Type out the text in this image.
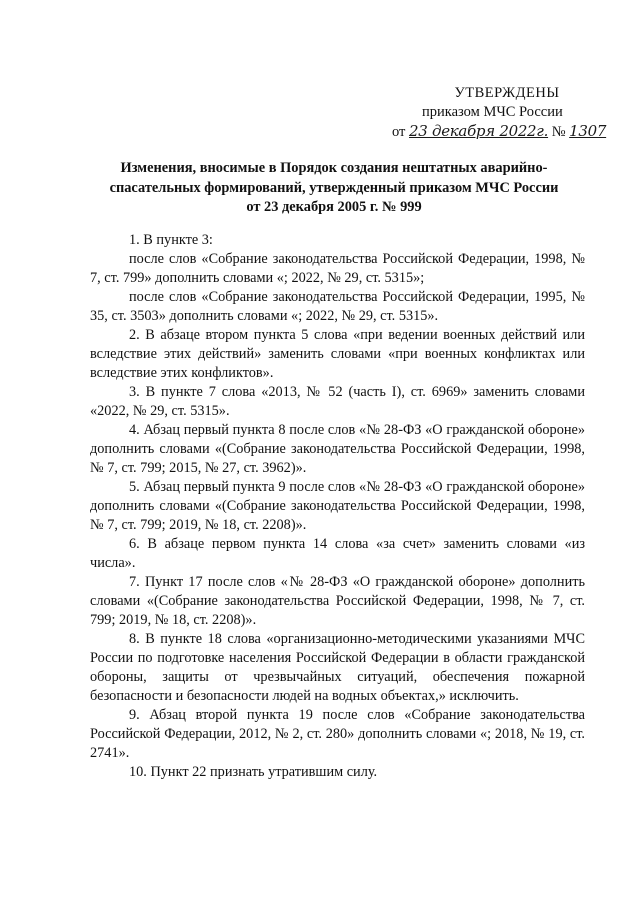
УТВЕРЖДЕНЫ
приказом МЧС России
от 23 декабря 2022г. № 1307
Изменения, вносимые в Порядок создания нештатных аварийно-
спасательных формирований, утвержденный приказом МЧС России
от 23 декабря 2005 г. № 999

1. В пункте 3:

после слов «Собрание законодательства Российской Федерации, 1998, № 7, ст. 799» дополнить словами «; 2022, № 29, ст. 5315»;

после слов «Собрание законодательства Российской Федерации, 1995, № 35, ст. 3503» дополнить словами «; 2022, № 29, ст. 5315».

2. В абзаце втором пункта 5 слова «при ведении военных действий или вследствие этих действий» заменить словами «при военных конфликтах или вследствие этих конфликтов».

3. В пункте 7 слова «2013, № 52 (часть I), ст. 6969» заменить словами «2022, № 29, ст. 5315».

4. Абзац первый пункта 8 после слов «№ 28-ФЗ «О гражданской обороне» дополнить словами «(Собрание законодательства Российской Федерации, 1998, № 7, ст. 799; 2015, № 27, ст. 3962)».

5. Абзац первый пункта 9 после слов «№ 28-ФЗ «О гражданской обороне» дополнить словами «(Собрание законодательства Российской Федерации, 1998, № 7, ст. 799; 2019, № 18, ст. 2208)».

6. В абзаце первом пункта 14 слова «за счет» заменить словами «из числа».

7. Пункт 17 после слов «№ 28-ФЗ «О гражданской обороне» дополнить словами «(Собрание законодательства Российской Федерации, 1998, № 7, ст. 799; 2019, № 18, ст. 2208)».

8. В пункте 18 слова «организационно-методическими указаниями МЧС России по подготовке населения Российской Федерации в области гражданской обороны, защиты от чрезвычайных ситуаций, обеспечения пожарной безопасности и безопасности людей на водных объектах,» исключить.

9. Абзац второй пункта 19 после слов «Собрание законодательства Российской Федерации, 2012, № 2, ст. 280» дополнить словами «; 2018, № 19, ст. 2741».

10. Пункт 22 признать утратившим силу.
